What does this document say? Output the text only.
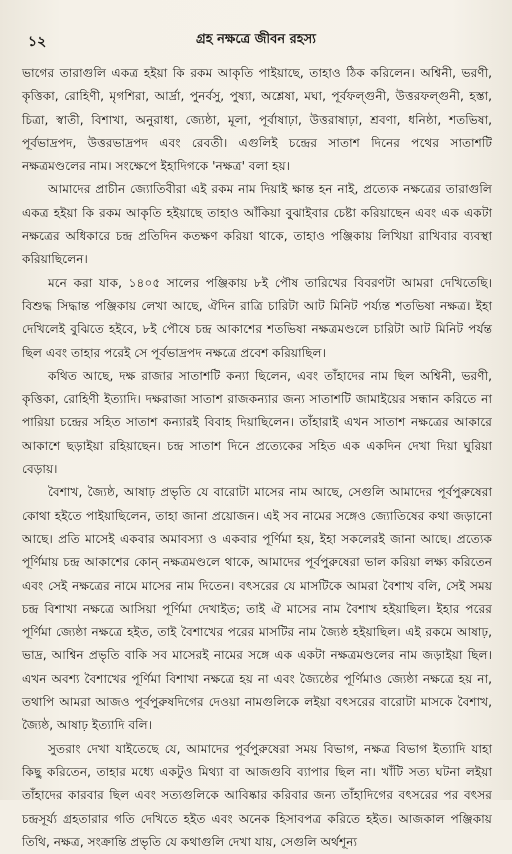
১২	গ্রহ নক্ষত্রে জীবন রহস্য

ভাগের তারাগুলি একত্র হইয়া কি রকম আকৃতি পাইয়াছে, তাহাও ঠিক করিলেন। অশ্বিনী, ভরণী, কৃত্তিকা, রোহিণী, মৃগশিরা, আর্দ্রা, পুনর্বসু, পুষ্যা, অশ্লেষা, মঘা, পূর্বফল্গুনী, উত্তরফল্গুনী, হস্তা, চিত্রা, স্বাতী, বিশাখা, অনুরাধা, জ্যেষ্ঠা, মূলা, পূর্বাষাঢ়া, উত্তরাষাঢ়া, শ্রবণা, ধনিষ্ঠা, শতভিষা, পূর্বভাদ্রপদ, উত্তরভাদ্রপদ এবং রেবতী। এগুলিই চন্দ্রের সাতাশ দিনের পথের সাতাশটি নক্ষত্রমণ্ডলের নাম। সংক্ষেপে ইহাদিগকে 'নক্ষত্র' বলা হয়।

আমাদের প্রাচীন জ্যোতিবীরা এই রকম নাম দিয়াই ক্ষান্ত হন নাই, প্রত্যেক নক্ষত্রের তারাগুলি একত্র হইয়া কি রকম আকৃতি হইয়াছে তাহাও আঁকিয়া বুঝাইবার চেষ্টা করিয়াছেন এবং এক একটা নক্ষত্রের অধিকারে চন্দ্র প্রতিদিন কতক্ষণ করিয়া থাকে, তাহাও পঞ্জিকায় লিখিয়া রাখিবার ব্যবস্থা করিয়াছিলেন।

মনে করা যাক, ১৪০৫ সালের পঞ্জিকায় ৮ই পৌষ তারিখের বিবরণটা আমরা দেখিতেছি। বিশুদ্ধ সিদ্ধান্ত পঞ্জিকায় লেখা আছে, ঐদিন রাত্রি চারিটা আট মিনিট পর্য্যন্ত শতভিষা নক্ষত্র। ইহা দেখিলেই বুঝিতে হইবে, ৮ই পৌষে চন্দ্র আকাশের শতভিষা নক্ষত্রমণ্ডলে চারিটা আট মিনিট পর্যন্ত ছিল এবং তাহার পরেই সে পূর্বভাদ্রপদ নক্ষত্রে প্রবেশ করিয়াছিল।

কথিত আছে, দক্ষ রাজার সাতাশটি কন্যা ছিলেন, এবং তাঁহাদের নাম ছিল অশ্বিনী, ভরণী, কৃত্তিকা, রোহিণী ইত্যাদি। দক্ষরাজা সাতাশ রাজকন্যার জন্য সাতাশটি জামাইয়ের সন্ধান করিতে না পারিয়া চন্দ্রের সহিত সাতাশ কন্যারই বিবাহ দিয়াছিলেন। তাঁহারাই এখন সাতাশ নক্ষত্রের আকারে আকাশে ছড়াইয়া রহিয়াছেন। চন্দ্র সাতাশ দিনে প্রত্যেকের সহিত এক একদিন দেখা দিয়া ঘুরিয়া বেড়ায়।

বৈশাখ, জ্যৈষ্ঠ, আষাঢ় প্রভৃতি যে বারোটা মাসের নাম আছে, সেগুলি আমাদের পূর্বপুরুষেরা কোথা হইতে পাইয়াছিলেন, তাহা জানা প্রয়োজন। এই সব নামের সঙ্গেও জ্যোতিষের কথা জড়ানো আছে। প্রতি মাসেই একবার অমাবস্যা ও একবার পূর্ণিমা হয়, ইহা সকলেরই জানা আছে। প্রত্যেক পূর্ণিমায় চন্দ্র আকাশের কোন্ নক্ষত্রমণ্ডলে থাকে, আমাদের পূর্বপুরুষেরা ভাল করিয়া লক্ষ্য করিতেন এবং সেই নক্ষত্রের নামে মাসের নাম দিতেন। বৎসরের যে মাসটিকে আমরা বৈশাখ বলি, সেই সময় চন্দ্র বিশাখা নক্ষত্রে আসিয়া পূর্ণিমা দেখাইত; তাই ঐ মাসের নাম বৈশাখ হইয়াছিল। ইহার পরের পূর্ণিমা জ্যেষ্ঠা নক্ষত্রে হইত, তাই বৈশাখের পরের মাসটির নাম জ্যৈষ্ঠ হইয়াছিল। এই রকমে আষাঢ়, ভাদ্র, আশ্বিন প্রভৃতি বাকি সব মাসেরই নামের সঙ্গে এক একটা নক্ষত্রমণ্ডলের নাম জড়াইয়া ছিল। এখন অবশ্য বৈশাখের পূর্ণিমা বিশাখা নক্ষত্রে হয় না এবং জ্যৈষ্ঠের পূর্ণিমাও জ্যেষ্ঠা নক্ষত্রে হয় না, তথাপি আমরা আজও পূর্বপুরুষদিগের দেওয়া নামগুলিকে লইয়া বৎসরের বারোটা মাসকে বৈশাখ, জ্যৈষ্ঠ, আষাঢ় ইত্যাদি বলি।

সুতরাং দেখা যাইতেছে যে, আমাদের পূর্বপুরুষেরা সময় বিভাগ, নক্ষত্র বিভাগ ইত্যাদি যাহা কিছু করিতেন, তাহার মধ্যে একটুও মিথ্যা বা আজগুবি ব্যাপার ছিল না। খাঁটি সত্য ঘটনা লইয়া তাঁহাদের কারবার ছিল এবং সত্যগুলিকে আবিষ্কার করিবার জন্য তাঁহাদিগের বৎসরের পর বৎসর চন্দ্রসূর্য্য গ্রহতারার গতি দেখিতে হইত এবং অনেক হিসাবপত্র করিতে হইত। আজকাল পঞ্জিকায় তিথি, নক্ষত্র, সংক্রান্তি প্রভৃতি যে কথাগুলি দেখা যায়, সেগুলি অর্থশূন্য
